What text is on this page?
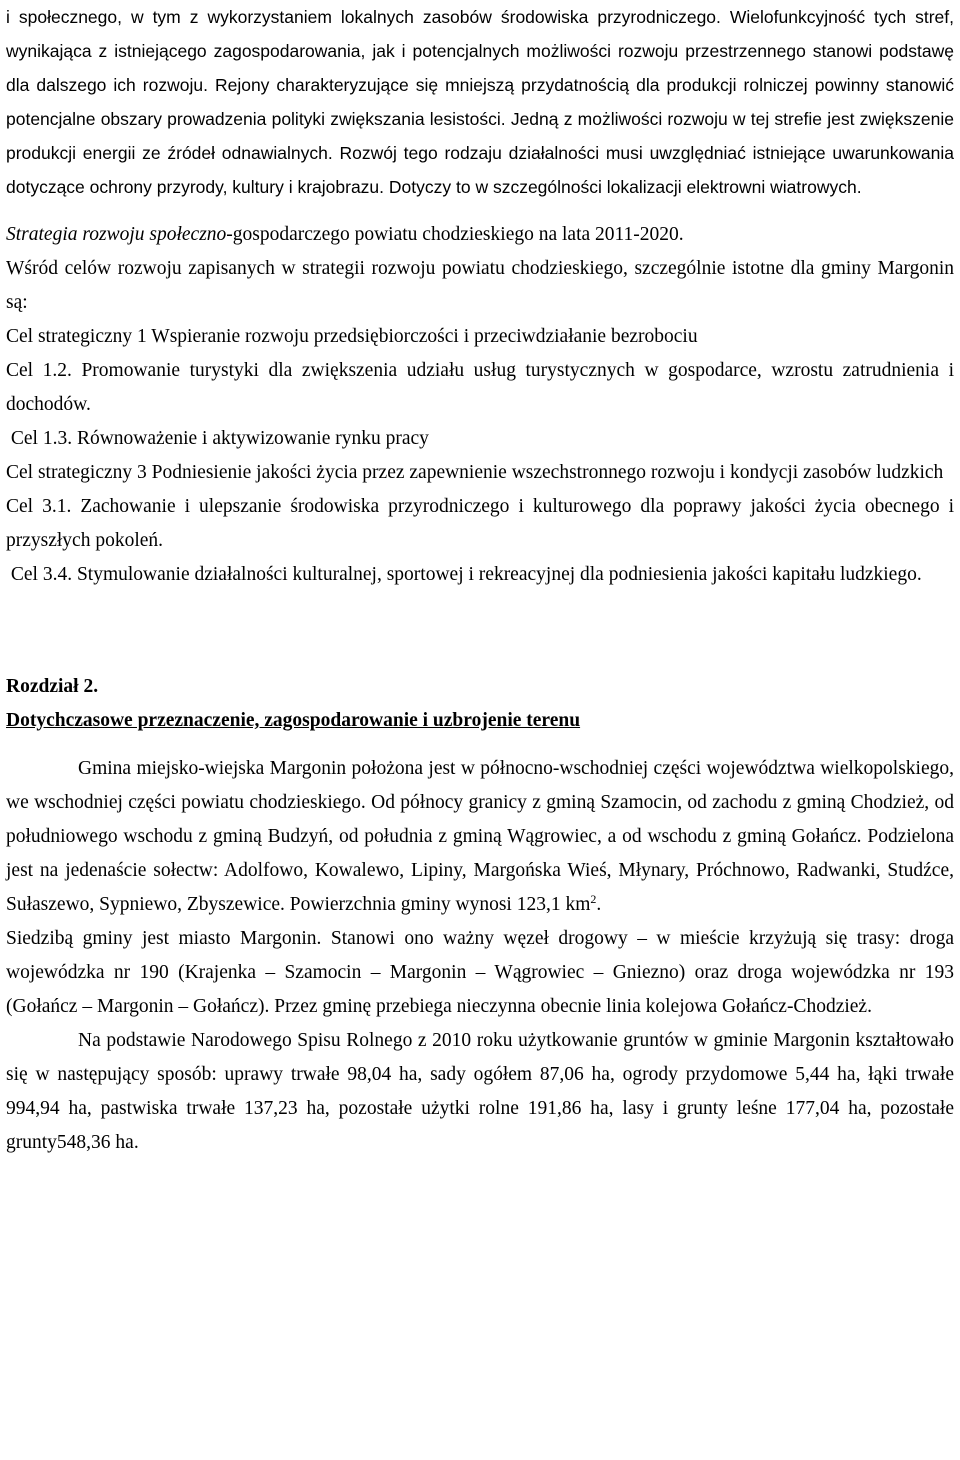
i społecznego, w tym z wykorzystaniem lokalnych zasobów środowiska przyrodniczego. Wielofunkcyjność tych stref, wynikająca z istniejącego zagospodarowania, jak i potencjalnych możliwości rozwoju przestrzennego stanowi podstawę dla dalszego ich rozwoju. Rejony charakteryzujące się mniejszą przydatnością dla produkcji rolniczej powinny stanowić potencjalne obszary prowadzenia polityki zwiększania lesistości. Jedną z możliwości rozwoju w tej strefie jest zwiększenie produkcji energii ze źródeł odnawialnych. Rozwój tego rodzaju działalności musi uwzględniać istniejące uwarunkowania dotyczące ochrony przyrody, kultury i krajobrazu. Dotyczy to w szczególności lokalizacji elektrowni wiatrowych.

Strategia rozwoju społeczno-gospodarczego powiatu chodzieskiego na lata 2011-2020.

Wśród celów rozwoju zapisanych w strategii rozwoju powiatu chodzieskiego, szczególnie istotne dla gminy Margonin są:

Cel strategiczny 1 Wspieranie rozwoju przedsiębiorczości i przeciwdziałanie bezrobociu

Cel 1.2. Promowanie turystyki dla zwiększenia udziału usług turystycznych w gospodarce, wzrostu zatrudnienia i dochodów.

Cel 1.3. Równoważenie i aktywizowanie rynku pracy

Cel strategiczny 3 Podniesienie jakości życia przez zapewnienie wszechstronnego rozwoju i kondycji zasobów ludzkich

Cel 3.1. Zachowanie i ulepszanie środowiska przyrodniczego i kulturowego dla poprawy jakości życia obecnego i przyszłych pokoleń.

Cel 3.4. Stymulowanie działalności kulturalnej, sportowej i rekreacyjnej dla podniesienia jakości kapitału ludzkiego.

Rozdział 2.

Dotychczasowe przeznaczenie, zagospodarowanie i uzbrojenie terenu

Gmina miejsko-wiejska Margonin położona jest w północno-wschodniej części województwa wielkopolskiego, we wschodniej części powiatu chodzieskiego. Od północy granicy z gminą Szamocin, od zachodu z gminą Chodzież, od południowego wschodu z gminą Budzyń, od południa z gminą Wągrowiec, a od wschodu z gminą Gołańcz. Podzielona jest na jedenaście sołectw: Adolfowo, Kowalewo, Lipiny, Margońska Wieś, Młynary, Próchnowo, Radwanki, Studźce, Sułaszewo, Sypniewo, Zbyszewice. Powierzchnia gminy wynosi 123,1 $km^2$.

Siedzibą gminy jest miasto Margonin. Stanowi ono ważny węzeł drogowy – w mieście krzyżują się trasy: droga wojewódzka nr 190 (Krajenka – Szamocin – Margonin – Wągrowiec – Gniezno) oraz droga wojewódzka nr 193 (Gołańcz – Margonin – Gołańcz). Przez gminę przebiega nieczynna obecnie linia kolejowa Gołańcz-Chodzież.

Na podstawie Narodowego Spisu Rolnego z 2010 roku użytkowanie gruntów w gminie Margonin kształtowało się w następujący sposób: uprawy trwałe 98,04 ha, sady ogółem 87,06 ha, ogrody przydomowe 5,44 ha, łąki trwałe 994,94 ha, pastwiska trwałe 137,23 ha, pozostałe użytki rolne 191,86 ha, lasy i grunty leśne 177,04 ha, pozostałe grunty548,36 ha.
